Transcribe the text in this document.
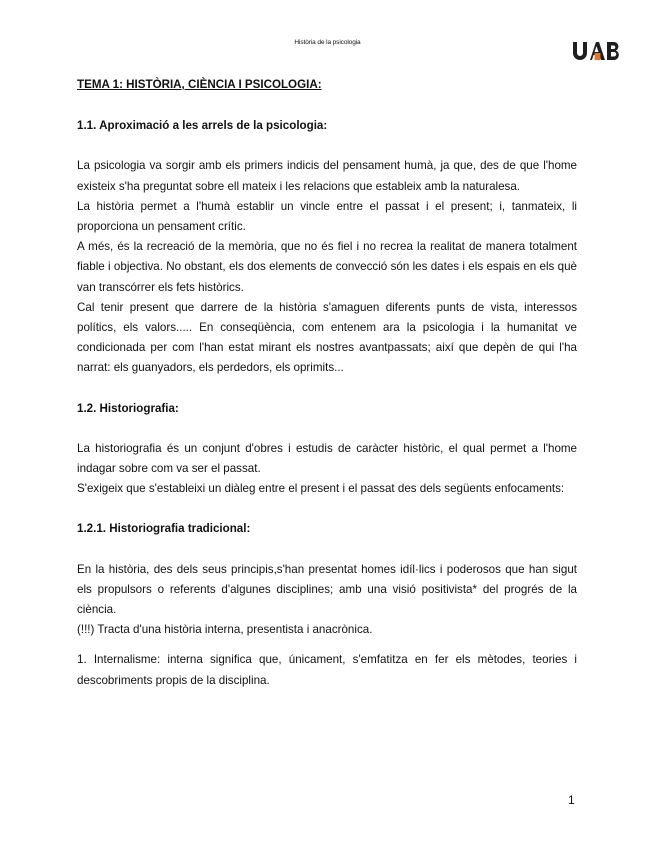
Història de la psicologia

TEMA 1: HISTÒRIA, CIÈNCIA I PSICOLOGIA:

1.1. Aproximació a les arrels de la psicologia:

La psicologia va sorgir amb els primers indicis del pensament humà, ja que, des de que l'home existeix s'ha preguntat sobre ell mateix i les relacions que estableix amb la naturalesa.

La història permet a l'humà establir un vincle entre el passat i el present; i, tanmateix, li proporciona un pensament crític.

A més, és la recreació de la memòria, que no és fiel i no recrea la realitat de manera totalment fiable i objectiva. No obstant, els dos elements de convecció són les dates i els espais en els què van transcórrer els fets històrics.

Cal tenir present que darrere de la història s'amaguen diferents punts de vista, interessos polítics, els valors..... En conseqüència, com entenem ara la psicologia i la humanitat ve condicionada per com l'han estat mirant els nostres avantpassats; així que depèn de qui l'ha narrat: els guanyadors, els perdedors, els oprimits...

1.2. Historiografia:

La historiografia és un conjunt d'obres i estudis de caràcter històric, el qual permet a l'home indagar sobre com va ser el passat.

S'exigeix que s'estableixi un diàleg entre el present i el passat des dels següents enfocaments:

1.2.1. Historiografia tradicional:

En la història, des dels seus principis,s'han presentat homes idíl·lics i poderosos que han sigut els propulsors o referents d'algunes disciplines; amb una visió positivista* del progrés de la ciència.

(!!!) Tracta d'una història interna, presentista i anacrònica.

1. Internalisme: interna significa que, únicament, s'emfatitza en fer els mètodes, teories i descobriments propis de la disciplina.

1
